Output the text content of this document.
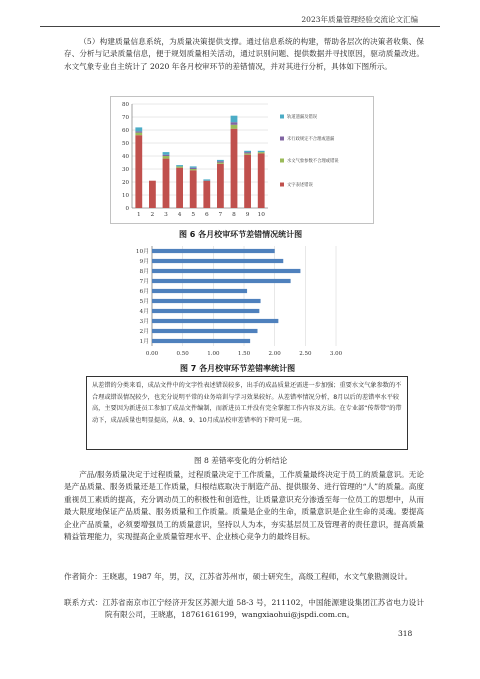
2023年质量管理经验交流论文汇编
（5）构建质量信息系统，为质量决策提供支撑。通过信息系统的构建，帮助各层次的决策者收集、保存、分析与记录质量信息，便于规划质量相关活动，通过识别问题、提供数据并寻找原因，驱动质量改进。水文气象专业自主统计了 2020 年各月校审环节的差错情况，并对其进行分析，具体如下图所示。
0
10
20
30
40
50
60
70
80
1 2 3 4 5 6 7 8 9 10
轨道遗漏及错误
未行政规定不合理或遗漏
水文气象参数不合理或错误
文字表述错误
图 6 各月校审环节差错情况统计图
1月
2月
3月
4月
5月
6月
7月
8月
9月
10月
0.00	0.50	1.00	1.50	2.00	2.50	3.00
图 7 各月校审环节差错率统计图
从差错的分类来看，成品文件中的文字性表述错误较多，出手的成品质量还需进一步加强；重要水文气象参数的不合理或错误情况较少，也充分说明平常的业务培训与学习效果较好。从差错率情况分析，8月以后的差错率水平较高，主要因为新进员工参加了成品文件编制，而新进员工并没有完全掌握工作内容及方法。在专业部“传帮带”的带动下，成品质量也明显提高，从8、9、10月成品校审差错率的下降可见一斑。
图 8 差错率变化的分析结论
产品/服务质量决定于过程质量，过程质量决定于工作质量，工作质量最终决定于员工的质量意识。无论是产品质量、服务质量还是工作质量，归根结底取决于制造产品、提供服务、进行管理的“人”的质量。高度重视员工素质的提高，充分调动员工的积极性和创造性，让质量意识充分渗透至每一位员工的思想中，从而最大限度地保证产品质量、服务质量和工作质量。质量是企业的生命，质量意识是企业生命的灵魂。要提高企业产品质量，必须要增强员工的质量意识，坚持以人为本，夯实基层员工及管理者的责任意识，提高质量精益管理能力，实现提高企业质量管理水平、企业核心竞争力的最终目标。
作者简介：王晓惠，1987 年，男，汉，江苏省苏州市，硕士研究生，高级工程师，水文气象勘测设计。
联系方式：江苏省南京市江宁经济开发区苏源大道 58-3 号，211102，中国能源建设集团江苏省电力设计院有限公司，王晓惠，18761616199，wangxiaohui@jspdi.com.cn。
318
